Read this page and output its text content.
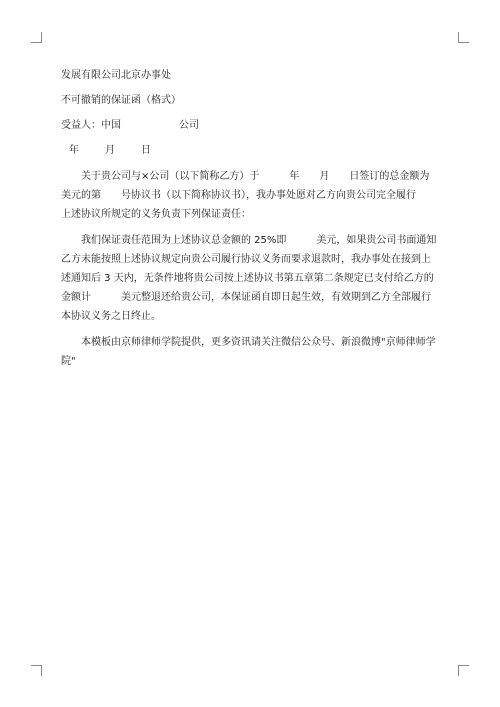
发展有限公司北京办事处
不可撤销的保证函（格式）
受益人：中国	公司
年	月	日
关于贵公司与×公司（以下简称乙方）于　　　年　　月　　日签订的总金额为
美元的第　　号协议书（以下简称协议书），我办事处愿对乙方向贵公司完全履行
上述协议所规定的义务负责下列保证责任：
我们保证责任范围为上述协议总金额的 25%即　　　美元，如果贵公司书面通知
乙方未能按照上述协议规定向贵公司履行协议义务而要求退款时，我办事处在接到上
述通知后 3 天内，无条件地将贵公司按上述协议书第五章第二条规定已支付给乙方的
金额计　　　美元整退还给贵公司，本保证函自即日起生效，有效期到乙方全部履行
本协议义务之日终止。
本模板由京师律师学院提供，更多资讯请关注微信公众号、新浪微博"京师律师学
院"
